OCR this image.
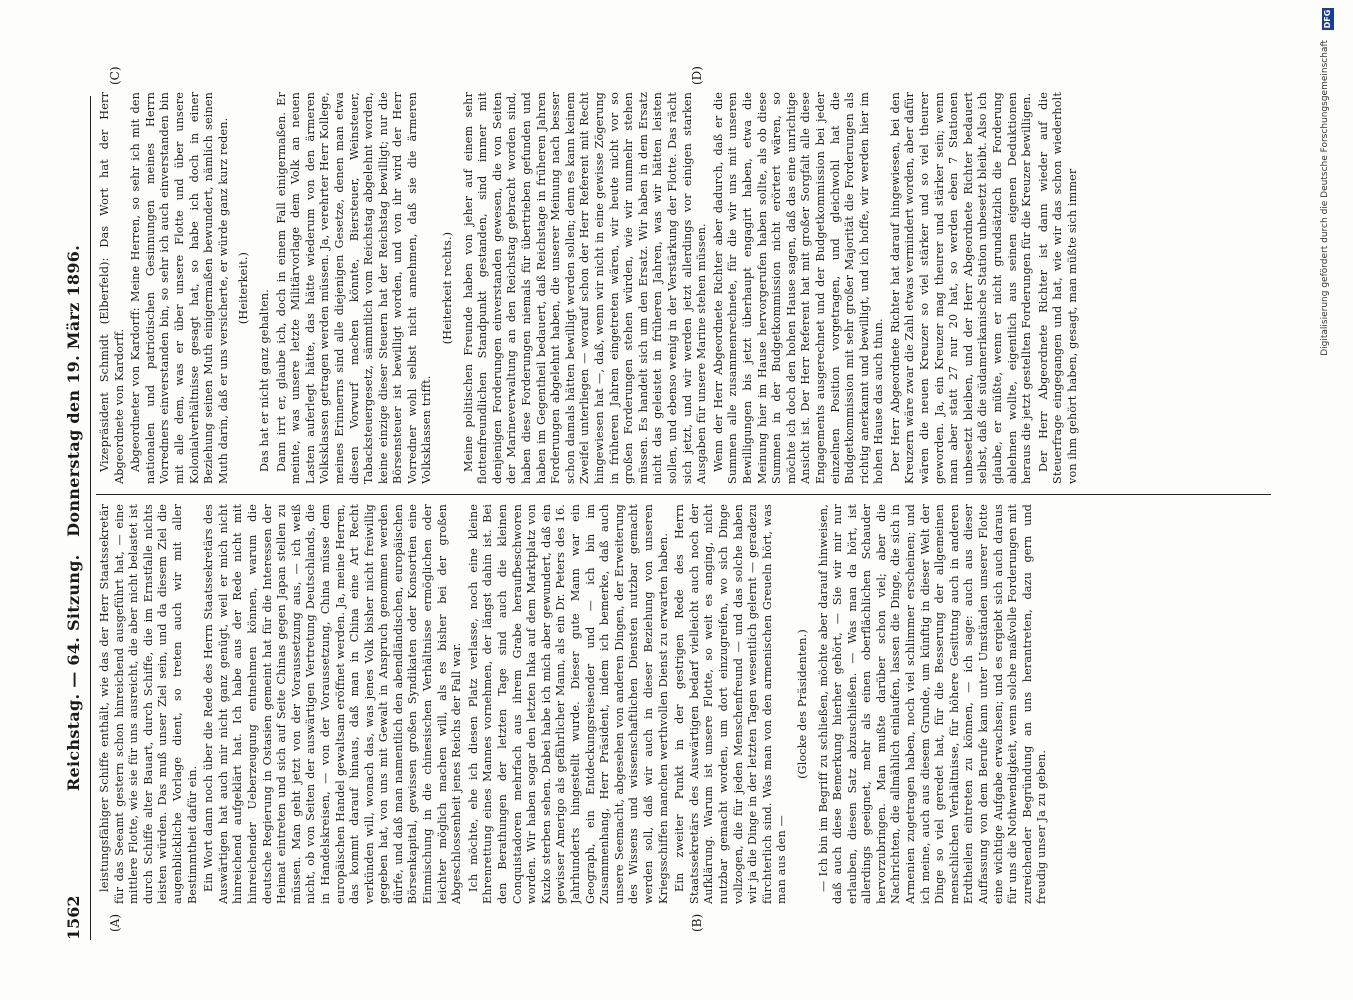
1562
Reichstag. — 64. Sitzung.   Donnerstag den 19. März 1896.
(A)	(B)
(C)	(D)

leistungsfähiger Schiffe enthält, wie das der Herr Staatssekretär für das Seeamt gestern schon hinreichend ausgeführt hat, — eine mittlere Flotte, wie sie für uns ausreicht, die aber nicht belastet ist durch Schiffe alter Bauart, durch Schiffe, die im Ernstfalle nichts leisten würden. Das muß unser Ziel sein, und da diesem Ziel die augenblickliche Vorlage dient, so treten auch wir mit aller Bestimmtheit dafür ein. Ein Wort dann noch über die Rede des Herrn Staatssekretärs des Auswärtigen hat auch mir nicht ganz genügt, weil er mich nicht hinreichend aufgeklärt hat. Ich habe aus der Rede nicht mit hinreichender Ueberzeugung entnehmen können, warum die deutsche Regierung in Ostasien gemeint hat für die Interessen der Heimat eintreten und sich auf Seite Chinas gegen Japan stellen zu müssen. Man geht jetzt von der Voraussetzung aus, — ich weiß nicht, ob von Seiten der auswärtigen Vertretung Deutschlands, die in Handelskreisen, — von der Voraussetzung, China müsse dem europäischen Handel gewaltsam eröffnet werden. Ja, meine Herren, das kommt darauf hinaus, daß man in China eine Art Recht verkünden will, wonach das, was jenes Volk bisher nicht freiwillig gegeben hat, von uns mit Gewalt in Anspruch genommen werden dürfe, und daß man namentlich den abendländischen, europäischen Börsenkapital, gewissen großen Syndikaten oder Konsortien eine Einmischung in die chinesischen Verhältnisse ermöglichen oder leichter möglich machen will, als es bisher bei der großen Abgeschlossenheit jenes Reichs der Fall war. Ich möchte, ehe ich diesen Platz verlasse, noch eine kleine Ehrenrettung eines Mannes vornehmen, der längst dahin ist. Bei den Berathungen der letzten Tage sind auch die kleinen Conquistadoren mehrfach aus ihrem Grabe heraufbeschworen worden. Wir haben sogar den letzten Inka auf dem Marktplatz von Kuzko sterben sehen. Dabei habe ich mich aber gewundert, daß ein gewisser Amerigo als gefährlicher Mann, als ein Dr. Peters des 16. Jahrhunderts hingestellt wurde. Dieser gute Mann war ein Geograph, ein Entdeckungsreisender und — ich bin im Zusammenhang, Herr Präsident, indem ich bemerke, daß auch unsere Seemacht, abgesehen von anderen Dingen, der Erweiterung des Wissens und wissenschaftlichen Diensten nutzbar gemacht werden soll, daß wir auch in dieser Beziehung von unseren Kriegsschiffen manchen werthvollen Dienst zu erwarten haben. Ein zweiter Punkt in der gestrigen Rede des Herrn Staatssekretärs des Auswärtigen bedarf vielleicht auch noch der Aufklärung. Warum ist unsere Flotte, so weit es anging, nicht nutzbar gemacht worden, um dort einzugreifen, wo sich Dinge vollzogen, die für jeden Menschenfreund — und das solche haben wir ja die Dinge in der letzten Tagen wesentlich gelernt — geradezu fürchterlich sind. Was man von den armenischen Greueln hört, was man aus den —

(Glocke des Präsidenten.) — Ich bin im Begriff zu schließen, möchte aber darauf hinweisen, daß auch diese Bemerkung hierher gehört, — Sie wir mir nur erlauben, diesen Satz abzuschließen. — Was man da hört, ist allerdings geeignet, mehr als einen oberflächlichen Schauder hervorzubringen. Man mußte darüber schon viel; aber die Nachrichten, die allmählich einlaufen, lassen die Dinge, die sich in Armenien zugetragen haben, noch viel schlimmer erscheinen; und ich meine, auch aus diesem Grunde, um künftig in dieser Welt der Dinge so viel geredet hat, für die Besserung der allgemeinen menschlichen Verhältnisse, für höhere Gesittung auch in anderen Erdtheilen eintreten zu können, — ich sage: auch aus dieser Auffassung von dem Berufe kann unter Umständen unserer Flotte eine wichtige Aufgabe erwachsen; und es ergiebt sich auch daraus für uns die Nothwendigkeit, wenn solche maßvolle Forderungen mit zureichender Begründung an uns herantreten, dazu gern und freudig unser Ja zu geben.

Vizepräsident Schmidt (Elberfeld): Das Wort hat der Herr Abgeordnete von Kardorff. Abgeordneter von Kardorff: Meine Herren, so sehr ich mit den nationalen und patriotischen Gesinnungen meines Herrn Vorredners einverstanden bin, so sehr ich auch einverstanden bin mit alle dem, was er über unsere Flotte und über unsere Kolonialverhältnisse gesagt hat, so habe ich doch in einer Beziehung seinen Muth einigermaßen bewundert, nämlich seinen Muth darin, daß er uns versicherte, er würde ganz kurz reden. (Heiterkeit.)

Das hat er nicht ganz gehalten. Dann irrt er, glaube ich, doch in einem Fall einigermaßen. Er meinte, was unsere letzte Militärvorlage dem Volk an neuen Lasten auferlegt hätte, das hätte wiederum von den ärmeren Volksklassen getragen werden müssen. Ja, verehrter Herr Kollege, meines Erinnerns sind alle diejenigen Gesetze, denen man etwa diesen Vorwurf machen könnte, Biersteuer, Weinsteuer, Tabacksteuergesetz, sämmtlich vom Reichstag abgelehnt worden, keine einzige dieser Steuern hat der Reichstag bewilligt; nur die Börsensteuer ist bewilligt worden, und von ihr wird der Herr Vorredner wohl selbst nicht annehmen, daß sie die ärmeren Volksklassen trifft.

(Heiterkeit rechts.) Meine politischen Freunde haben von jeher auf einem sehr flottenfreundlichen Standpunkt gestanden, sind immer mit denjenigen Forderungen einverstanden gewesen, die von Seiten der Marineverwaltung an den Reichstag gebracht worden sind, haben diese Forderungen niemals für übertrieben gefunden und haben im Gegentheil bedauert, daß Reichstage in früheren Jahren Forderungen abgelehnt haben, die unserer Meinung nach besser schon damals hätten bewilligt werden sollen; denn es kann keinem Zweifel unterliegen — worauf schon der Herr Referent mit Recht hingewiesen hat —, daß, wenn wir nicht in eine gewisse Zögerung in früheren Jahren eingetreten wären, wir heute nicht vor so großen Forderungen stehen würden, wie wir nunmehr stehen müssen. Es handelt sich um den Ersatz. Wir haben in dem Ersatz nicht das geleistet in früheren Jahren, was wir hätten leisten sollen, und ebenso wenig in der Verstärkung der Flotte. Das rächt sich jetzt, und wir werden jetzt allerdings vor einigen starken Ausgaben für unsere Marine stehen müssen. Wenn der Herr Abgeordnete Richter aber dadurch, daß er die Summen alle zusammenrechnete, für die wir uns mit unseren Bewilligungen bis jetzt überhaupt engagirt haben, etwa die Meinung hier im Hause hervorgerufen haben sollte, als ob diese Summen in der Budgetkommission nicht erörtert wären, so möchte ich doch den hohen Hause sagen, daß das eine unrichtige Ansicht ist. Der Herr Referent hat mit großer Sorgfalt alle diese Engagements ausgerechnet und der Budgetkommission bei jeder einzelnen Position vorgetragen, und gleichwohl hat die Budgetkommission mit sehr großer Majorität die Forderungen als richtig anerkannt und bewilligt, und ich hoffe, wir werden hier im hohen Hause das auch thun. Der Herr Abgeordnete Richter hat darauf hingewiesen, bei den Kreuzern wäre zwar die Zahl etwas vermindert worden, aber dafür wären die neuen Kreuzer so viel stärker und so viel theurer geworden. Ja, ein Kreuzer mag theurer und stärker sein; wenn man aber statt 27 nur 20 hat, so werden eben 7 Stationen unbesetzt bleiben, und der Herr Abgeordnete Richter bedauert selbst, daß die südamerikanische Station unbesetzt bleibt. Also ich glaube, er müßte, wenn er nicht grundsätzlich die Forderung ablehnen wollte, eigentlich aus seinen eigenen Deduktionen heraus die jetzt gestellten Forderungen für die Kreuzer bewilligen. Der Herr Abgeordnete Richter ist dann wieder auf die Steuerfrage eingegangen und hat, wie wir das schon wiederholt von ihm gehört haben, gesagt, man müßte sich immer	Digitalisierung gefördert durch die Deutsche Forschungsgemeinschaft
DFG
